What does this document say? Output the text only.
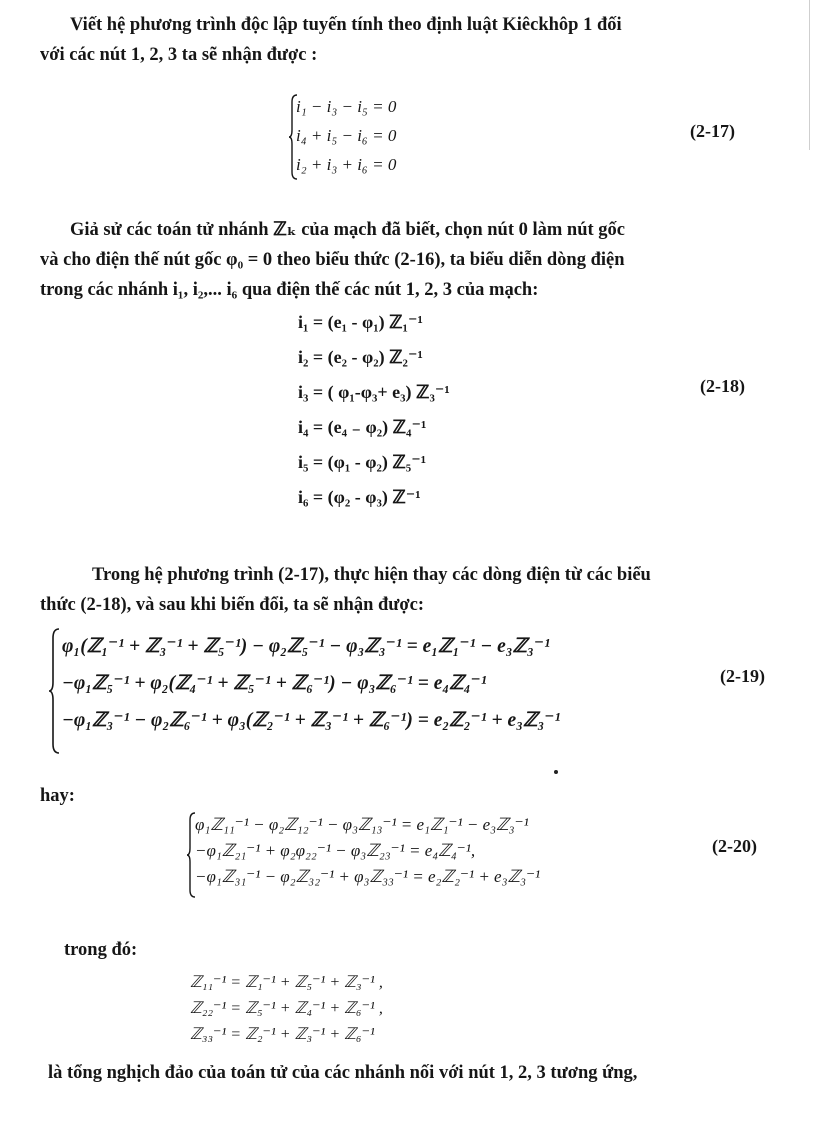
Viết hệ phương trình độc lập tuyến tính theo định luật Kiêckhôp 1 đối

với các nút 1, 2, 3 ta sẽ nhận được :

i₁ − i₃ − i₅ = 0
i₄ + i₅ − i₆ = 0
i₂ + i₃ + i₆ = 0
(2-17)

Giả sử các toán tử nhánh ℤₖ của mạch đã biết, chọn nút 0 làm nút gốc

và cho điện thế nút gốc φ₀ = 0 theo biểu thức (2-16), ta biểu diễn dòng điện

trong các nhánh i₁, i₂,... i₆ qua điện thế các nút 1, 2, 3 của mạch:

i₁ = (e₁ - φ₁) ℤ₁⁻¹
i₂ = (e₂ - φ₂) ℤ₂⁻¹
i₃ = ( φ₁-φ₃+ e₃) ℤ₃⁻¹
i₄ = (e₄ ₋ φ₂) ℤ₄⁻¹
i₅ = (φ₁ - φ₂) ℤ₅⁻¹
i₆ = (φ₂ - φ₃) ℤ⁻¹
(2-18)

Trong hệ phương trình (2-17), thực hiện thay các dòng điện từ các biểu

thức (2-18), và sau khi biến đổi, ta sẽ nhận được:

φ₁(ℤ₁⁻¹ + ℤ₃⁻¹ + ℤ₅⁻¹) − φ₂ℤ₅⁻¹ − φ₃ℤ₃⁻¹ = e₁ℤ₁⁻¹ − e₃ℤ₃⁻¹
−φ₁ℤ₅⁻¹ + φ₂(ℤ₄⁻¹ + ℤ₅⁻¹ + ℤ₆⁻¹) − φ₃ℤ₆⁻¹ = e₄ℤ₄⁻¹
−φ₁ℤ₃⁻¹ − φ₂ℤ₆⁻¹ + φ₃(ℤ₂⁻¹ + ℤ₃⁻¹ + ℤ₆⁻¹) = e₂ℤ₂⁻¹ + e₃ℤ₃⁻¹
(2-19)
hay:
φ₁ℤ₁₁⁻¹ − φ₂ℤ₁₂⁻¹ − φ₃ℤ₁₃⁻¹ = e₁ℤ₁⁻¹ − e₃ℤ₃⁻¹
−φ₁ℤ₂₁⁻¹ + φ₂φ₂₂⁻¹ − φ₃ℤ₂₃⁻¹ = e₄ℤ₄⁻¹,
−φ₁ℤ₃₁⁻¹ − φ₂ℤ₃₂⁻¹ + φ₃ℤ₃₃⁻¹ = e₂ℤ₂⁻¹ + e₃ℤ₃⁻¹
(2-20)
trong đó:
ℤ₁₁⁻¹ = ℤ₁⁻¹ + ℤ₅⁻¹ + ℤ₃⁻¹ ,
ℤ₂₂⁻¹ = ℤ₅⁻¹ + ℤ₄⁻¹ + ℤ₆⁻¹ ,
ℤ₃₃⁻¹ = ℤ₂⁻¹ + ℤ₃⁻¹ + ℤ₆⁻¹

là tổng nghịch đảo của toán tử của các nhánh nối với nút 1, 2, 3 tương ứng,
